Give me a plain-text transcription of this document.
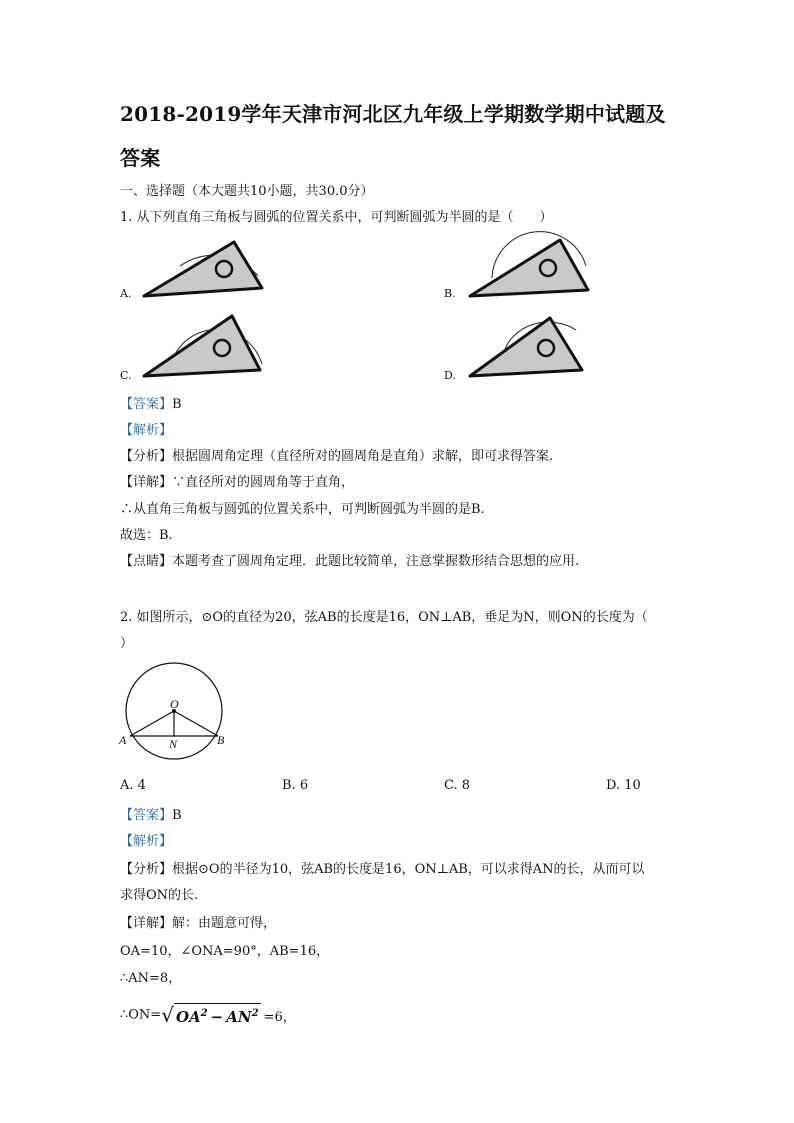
2018-2019学年天津市河北区九年级上学期数学期中试题及
答案
一、选择题（本大题共10小题，共30.0分）
1. 从下列直角三角板与圆弧的位置关系中，可判断圆弧为半圆的是（　　）
A.	B.
C.	D.
【答案】B
【解析】
【分析】根据圆周角定理（直径所对的圆周角是直角）求解，即可求得答案.
【详解】∵直径所对的圆周角等于直角，
∴从直角三角板与圆弧的位置关系中，可判断圆弧为半圆的是B.
故选：B.
【点睛】本题考查了圆周角定理．此题比较简单，注意掌握数形结合思想的应用.
2. 如图所示，⊙O的直径为20，弦AB的长度是16，ON⊥AB，垂足为N，则ON的长度为（
）
O
A	N	B
A. 4	B. 6	C. 8	D. 10
【答案】B
【解析】
【分析】根据⊙O的半径为10，弦AB的长度是16，ON⊥AB，可以求得AN的长，从而可以
求得ON的长.
【详解】解：由题意可得，
OA=10，∠ONA=90°，AB=16，
∴AN=8，
∴ON=√ $OA^2 - AN^2 =6$，
